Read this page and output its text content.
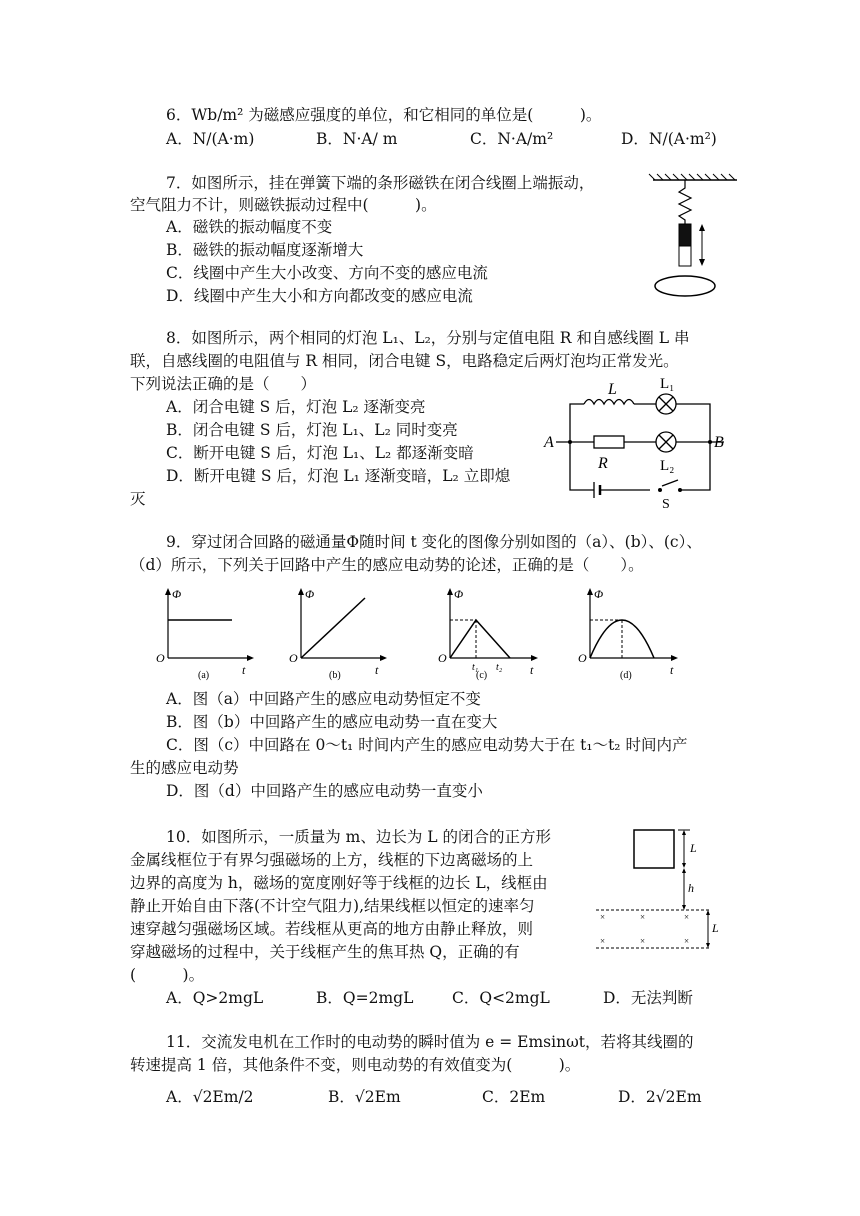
6．Wb/m² 为磁感应强度的单位，和它相同的单位是(　　　)。
A．N/(A·m)	B．N·A/ m	C．N·A/m²	D．N/(A·m²)
7．如图所示，挂在弹簧下端的条形磁铁在闭合线圈上端振动，
空气阻力不计，则磁铁振动过程中(　　　)。
A．磁铁的振动幅度不变
B．磁铁的振动幅度逐渐增大
C．线圈中产生大小改变、方向不变的感应电流
D．线圈中产生大小和方向都改变的感应电流
8．如图所示，两个相同的灯泡 L₁、L₂，分别与定值电阻 R 和自感线圈 L 串
联，自感线圈的电阻值与 R 相同，闭合电键 S，电路稳定后两灯泡均正常发光。
下列说法正确的是（　　）
A．闭合电键 S 后，灯泡 L₂ 逐渐变亮
B．闭合电键 S 后，灯泡 L₁、L₂ 同时变亮
C．断开电键 S 后，灯泡 L₁、L₂ 都逐渐变暗
D．断开电键 S 后，灯泡 L₁ 逐渐变暗，L₂ 立即熄
灭
L	L₁
A	B
R	L₂
S
9．穿过闭合回路的磁通量Φ随时间 t 变化的图像分别如图的（a）、(b）、(c）、
（d）所示，下列关于回路中产生的感应电动势的论述，正确的是（　　）。
Φ
O
t
(a)
Φ
O
t
(b)
Φ
O
t₁ t₂ t
(c)
Φ
O
t
(d)
A．图（a）中回路产生的感应电动势恒定不变
B．图（b）中回路产生的感应电动势一直在变大
C．图（c）中回路在 0～t₁ 时间内产生的感应电动势大于在 t₁～t₂ 时间内产
生的感应电动势
D．图（d）中回路产生的感应电动势一直变小
10．如图所示，一质量为 m、边长为 L 的闭合的正方形
金属线框位于有界匀强磁场的上方，线框的下边离磁场的上
边界的高度为 h，磁场的宽度刚好等于线框的边长 L，线框由
静止开始自由下落(不计空气阻力),结果线框以恒定的速率匀
速穿越匀强磁场区域。若线框从更高的地方由静止释放，则
穿越磁场的过程中，关于线框产生的焦耳热 Q，正确的有
(　　　)。
A．Q>2mgL	B．Q=2mgL C．Q<2mgL	D．无法判断
L
h
×	×	×
×	×	×
L
11．交流发电机在工作时的电动势的瞬时值为 e = Emsinωt，若将其线圈的
转速提高 1 倍，其他条件不变，则电动势的有效值变为(　　　)。
A．√2Em/2	B．√2Em	C．2Em	D．2√2Em
